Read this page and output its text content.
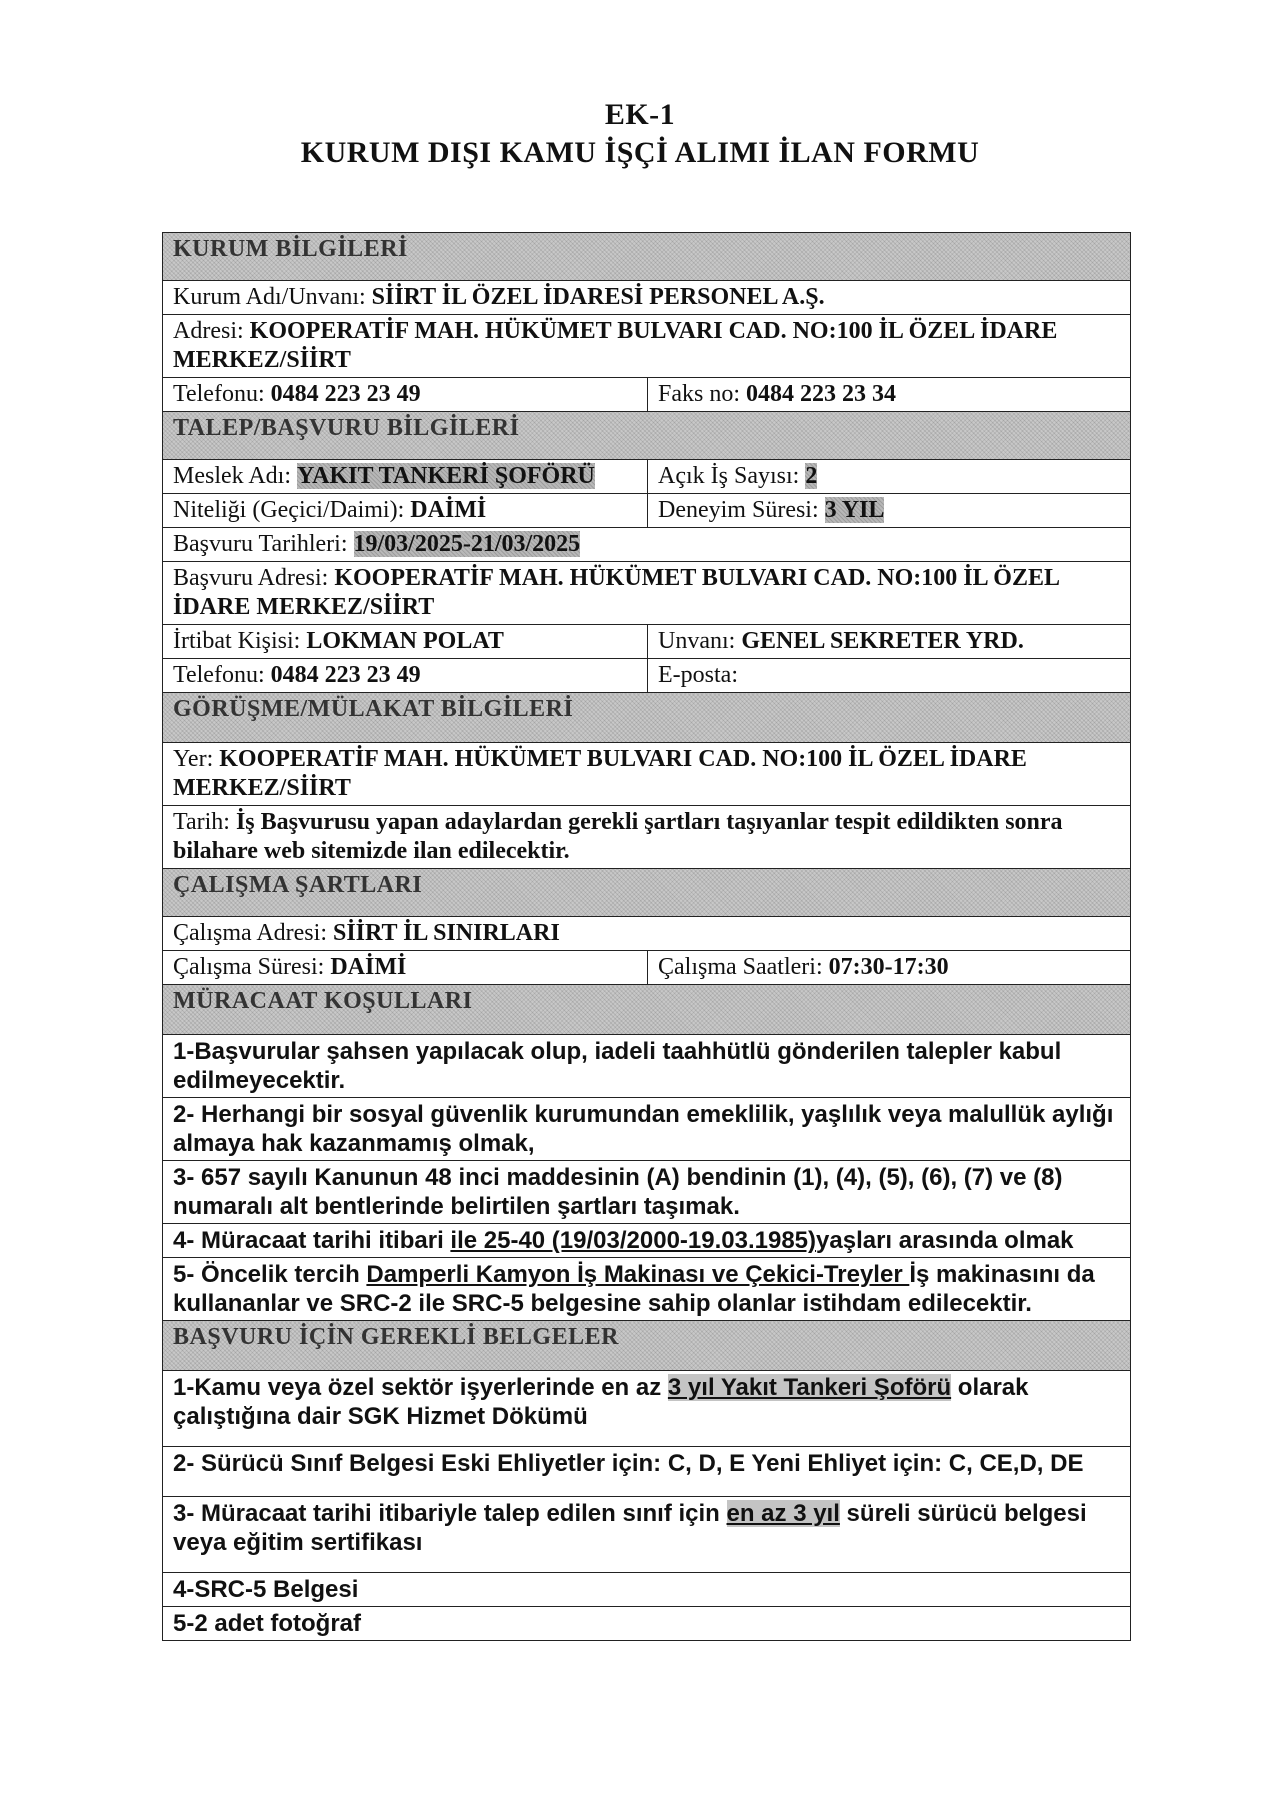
EK-1
KURUM DIŞI KAMU İŞÇİ ALIMI İLAN FORMU
KURUM BİLGİLERİ	
Kurum Adı/Unvanı: SİİRT İL ÖZEL İDARESİ PERSONEL A.Ş.	
Adresi: KOOPERATİF MAH. HÜKÜMET BULVARI CAD. NO:100 İL ÖZEL İDARE MERKEZ/SİİRT	
Telefonu: 0484 223 23 49	Faks no: 0484 223 23 34
TALEP/BAŞVURU BİLGİLERİ	
Meslek Adı: YAKIT TANKERİ ŞOFÖRÜ	Açık İş Sayısı: 2
Niteliği (Geçici/Daimi): DAİMİ	Deneyim Süresi: 3 YIL
Başvuru Tarihleri: 19/03/2025-21/03/2025	
Başvuru Adresi: KOOPERATİF MAH. HÜKÜMET BULVARI CAD. NO:100 İL ÖZEL İDARE MERKEZ/SİİRT	
İrtibat Kişisi: LOKMAN POLAT	Unvanı: GENEL SEKRETER YRD.
Telefonu: 0484 223 23 49	E-posta:
GÖRÜŞME/MÜLAKAT BİLGİLERİ	
Yer: KOOPERATİF MAH. HÜKÜMET BULVARI CAD. NO:100 İL ÖZEL İDARE MERKEZ/SİİRT	
Tarih: İş Başvurusu yapan adaylardan gerekli şartları taşıyanlar tespit edildikten sonra bilahare web sitemizde ilan edilecektir.	
ÇALIŞMA ŞARTLARI	
Çalışma Adresi: SİİRT İL SINIRLARI	
Çalışma Süresi: DAİMİ	Çalışma Saatleri: 07:30-17:30
MÜRACAAT KOŞULLARI	
1-Başvurular şahsen yapılacak olup, iadeli taahhütlü gönderilen talepler kabul edilmeyecektir.	
2- Herhangi bir sosyal güvenlik kurumundan emeklilik, yaşlılık veya malullük aylığı almaya hak kazanmamış olmak,	
3- 657 sayılı Kanunun 48 inci maddesinin (A) bendinin (1), (4), (5), (6), (7) ve (8) numaralı alt bentlerinde belirtilen şartları taşımak.	
4- Müracaat tarihi itibari ile 25-40 (19/03/2000-19.03.1985)yaşları arasında olmak	
5- Öncelik tercih Damperli Kamyon İş Makinası ve Çekici-Treyler İş makinasını da kullananlar ve SRC-2 ile SRC-5 belgesine sahip olanlar istihdam edilecektir.	
BAŞVURU İÇİN GEREKLİ BELGELER	
1-Kamu veya özel sektör işyerlerinde en az 3 yıl Yakıt Tankeri Şoförü olarak çalıştığına dair SGK Hizmet Dökümü	
2- Sürücü Sınıf Belgesi Eski Ehliyetler için: C, D, E Yeni Ehliyet için: C, CE,D, DE	
3- Müracaat tarihi itibariyle talep edilen sınıf için en az 3 yıl süreli sürücü belgesi veya eğitim sertifikası	
4-SRC-5 Belgesi	
5-2 adet fotoğraf	
